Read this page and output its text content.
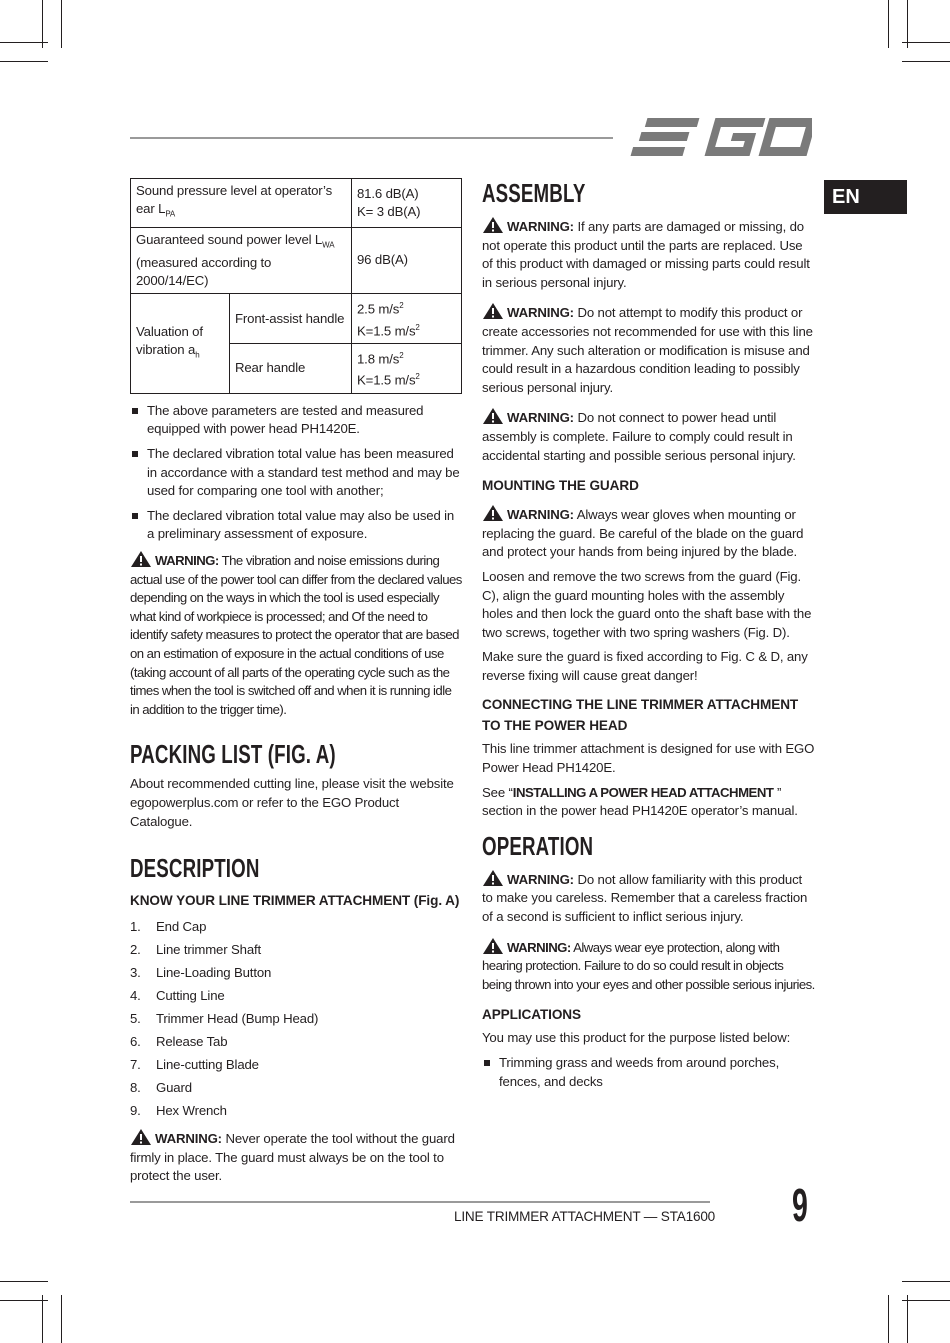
EN
Sound pressure level at operator’s
ear $L_{PA}$		81.6 dB(A)
K= 3 dB(A)
Guaranteed sound power level $L_{WA}$
(measured according to
2000/14/EC)		96 dB(A)
Valuation of
vibration $a_h$	Front-assist handle	2.5 $m/s^2$
K=1.5 $m/s^2$
	Rear handle	1.8 $m/s^2$
K=1.5 $m/s^2$
The above parameters are tested and measured equipped with power head PH1420E.
The declared vibration total value has been measured in accordance with a standard test method and may be used for comparing one tool with another;
The declared vibration total value may also be used in a preliminary assessment of exposure.
WARNING: The vibration and noise emissions during actual use of the power tool can differ from the declared values depending on the ways in which the tool is used especially what kind of workpiece is processed; and Of the need to identify safety measures to protect the operator that are based on an estimation of exposure in the actual conditions of use (taking account of all parts of the operating cycle such as the times when the tool is switched off and when it is running idle in addition to the trigger time).
PACKING LIST (FIG. A)
About recommended cutting line, please visit the website egopowerplus.com or refer to the EGO Product Catalogue.
DESCRIPTION
KNOW YOUR LINE TRIMMER ATTACHMENT (Fig. A)
1. End Cap
2. Line trimmer Shaft
3. Line-Loading Button
4. Cutting Line
5. Trimmer Head (Bump Head)
6. Release Tab
7. Line-cutting Blade
8. Guard
9. Hex Wrench
WARNING: Never operate the tool without the guard firmly in place. The guard must always be on the tool to protect the user.
ASSEMBLY
WARNING: If any parts are damaged or missing, do not operate this product until the parts are replaced. Use of this product with damaged or missing parts could result in serious personal injury.
WARNING: Do not attempt to modify this product or create accessories not recommended for use with this line trimmer. Any such alteration or modification is misuse and could result in a hazardous condition leading to possibly serious personal injury.
WARNING: Do not connect to power head until assembly is complete. Failure to comply could result in accidental starting and possible serious personal injury.
MOUNTING THE GUARD
WARNING: Always wear gloves when mounting or replacing the guard. Be careful of the blade on the guard and protect your hands from being injured by the blade.
Loosen and remove the two screws from the guard (Fig. C), align the guard mounting holes with the assembly holes and then lock the guard onto the shaft base with the two screws, together with two spring washers (Fig. D).
Make sure the guard is fixed according to Fig. C & D, any reverse fixing will cause great danger!
CONNECTING THE LINE TRIMMER ATTACHMENT TO THE POWER HEAD
This line trimmer attachment is designed for use with EGO Power Head PH1420E.
See “INSTALLING A POWER HEAD ATTACHMENT ” section in the power head PH1420E operator’s manual.
OPERATION
WARNING: Do not allow familiarity with this product to make you careless. Remember that a careless fraction of a second is sufficient to inflict serious injury.
WARNING: Always wear eye protection, along with hearing protection. Failure to do so could result in objects being thrown into your eyes and other possible serious injuries.
APPLICATIONS
You may use this product for the purpose listed below:
Trimming grass and weeds from around porches, fences, and decks
LINE TRIMMER ATTACHMENT — STA1600 9
